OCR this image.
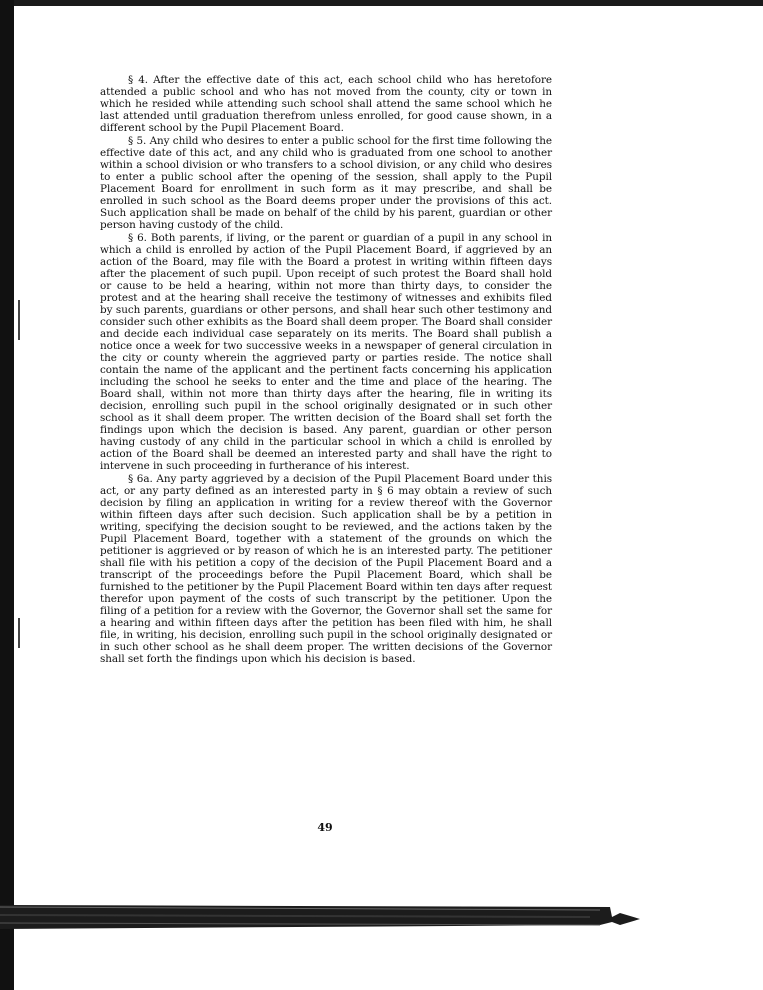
§ 4. After the effective date of this act, each school child who has heretofore attended a public school and who has not moved from the county, city or town in which he resided while attending such school shall attend the same school which he last attended until graduation therefrom unless enrolled, for good cause shown, in a different school by the Pupil Placement Board.

§ 5. Any child who desires to enter a public school for the first time following the effective date of this act, and any child who is graduated from one school to another within a school division or who transfers to a school division, or any child who desires to enter a public school after the opening of the session, shall apply to the Pupil Placement Board for enrollment in such form as it may prescribe, and shall be enrolled in such school as the Board deems proper under the provisions of this act. Such application shall be made on behalf of the child by his parent, guardian or other person having custody of the child.

§ 6. Both parents, if living, or the parent or guardian of a pupil in any school in which a child is enrolled by action of the Pupil Placement Board, if aggrieved by an action of the Board, may file with the Board a protest in writing within fifteen days after the placement of such pupil. Upon receipt of such protest the Board shall hold or cause to be held a hearing, within not more than thirty days, to consider the protest and at the hearing shall receive the testimony of witnesses and exhibits filed by such parents, guardians or other persons, and shall hear such other testimony and consider such other exhibits as the Board shall deem proper. The Board shall consider and decide each individual case separately on its merits. The Board shall publish a notice once a week for two successive weeks in a newspaper of general circulation in the city or county wherein the aggrieved party or parties reside. The notice shall contain the name of the applicant and the pertinent facts concerning his application including the school he seeks to enter and the time and place of the hearing. The Board shall, within not more than thirty days after the hearing, file in writing its decision, enrolling such pupil in the school originally designated or in such other school as it shall deem proper. The written decision of the Board shall set forth the findings upon which the decision is based. Any parent, guardian or other person having custody of any child in the particular school in which a child is enrolled by action of the Board shall be deemed an interested party and shall have the right to intervene in such proceeding in furtherance of his interest.

§ 6a. Any party aggrieved by a decision of the Pupil Placement Board under this act, or any party defined as an interested party in § 6 may obtain a review of such decision by filing an application in writing for a review thereof with the Governor within fifteen days after such decision. Such application shall be by a petition in writing, specifying the decision sought to be reviewed, and the actions taken by the Pupil Placement Board, together with a statement of the grounds on which the petitioner is aggrieved or by reason of which he is an interested party. The petitioner shall file with his petition a copy of the decision of the Pupil Placement Board and a transcript of the proceedings before the Pupil Placement Board, which shall be furnished to the petitioner by the Pupil Placement Board within ten days after request therefor upon payment of the costs of such transcript by the petitioner. Upon the filing of a petition for a review with the Governor, the Governor shall set the same for a hearing and within fifteen days after the petition has been filed with him, he shall file, in writing, his decision, enrolling such pupil in the school originally designated or in such other school as he shall deem proper. The written decisions of the Governor shall set forth the findings upon which his decision is based.

49
